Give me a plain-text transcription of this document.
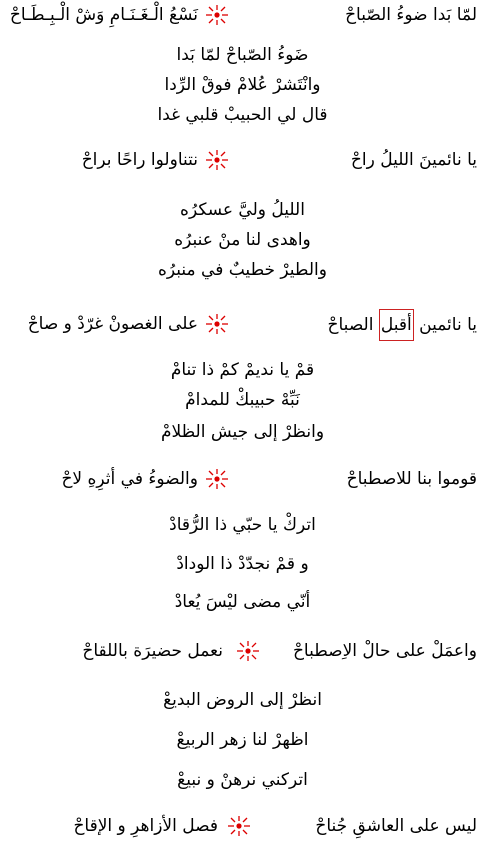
لمّا بَدا ضوءُ الصّباحْ
نَسْعُ الْـغَـنَـامِ وَشْ الْـبِـطَـاحْ
ضَوءُ الصّباحْ لمّا بَدا
وانْتَشرْ عُلامْ فوقْ الرِّدا
قال لي الحبيبْ قلبي غدا
يا نائمينَ الليلُ راحْ
نتناولوا راحًا براحْ
الليلُ وليَّ عسكرُه
واهدى لنا منْ عنبرُه
والطيرْ خطيبٌ في منبرُه
يا نائمين أقبل الصباحْ
على الغصونْ غرّدْ و صاحْ
قمْ يا نديمْ كمْ ذا تنامْ
نَبِّهْ حبيبكْ للمدامْ
وانظرْ إلى جيش الظلامْ
قوموا بنا للاصطباحْ
والضوءُ في أثرِهِ لاحْ
اتركْ يا حبّي ذا الرُّقادْ
و قمْ نجدّدْ ذا الودادْ
أنّي مضى ليْسَ يُعادْ
واعمَلْ على حالْ الاِصطباحْ
نعمل حضيرَة باللقاحْ
انظرْ إلى الروض البديعْ
اظهرْ لنا زهر الربيعْ
اتركني نرهنْ و نبيعْ
ليس على العاشقِ جُناحْ
فصل الأزاهرِ و الإقاحْ
